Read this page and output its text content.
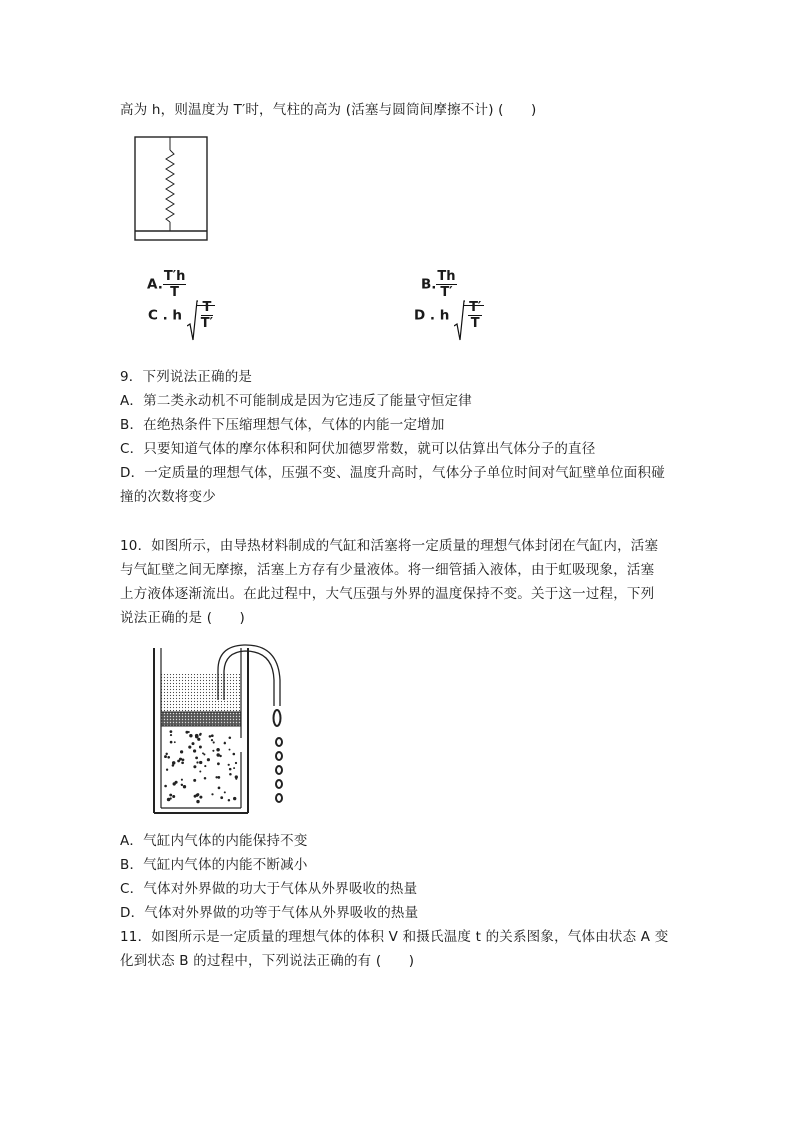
高为 h，则温度为 T′时，气柱的高为 (活塞与圆筒间摩擦不计) (　　)
A. $\frac{T'h}{T}$	B. $\frac{Th}{T'}$
C . h $\frac{T}{T'}$	D . h $\frac{T'}{T}$
9．下列说法正确的是
A．第二类永动机不可能制成是因为它违反了能量守恒定律
B．在绝热条件下压缩理想气体，气体的内能一定增加
C．只要知道气体的摩尔体积和阿伏加德罗常数，就可以估算出气体分子的直径
D．一定质量的理想气体，压强不变、温度升高时，气体分子单位时间对气缸壁单位面积碰
撞的次数将变少
10．如图所示，由导热材料制成的气缸和活塞将一定质量的理想气体封闭在气缸内，活塞
与气缸壁之间无摩擦，活塞上方存有少量液体。将一细管插入液体，由于虹吸现象，活塞
上方液体逐渐流出。在此过程中，大气压强与外界的温度保持不变。关于这一过程，下列
说法正确的是 (　　)
A．气缸内气体的内能保持不变
B．气缸内气体的内能不断减小
C．气体对外界做的功大于气体从外界吸收的热量
D．气体对外界做的功等于气体从外界吸收的热量
11．如图所示是一定质量的理想气体的体积 V 和摄氏温度 t 的关系图象，气体由状态 A 变
化到状态 B 的过程中，下列说法正确的有 (　　)
